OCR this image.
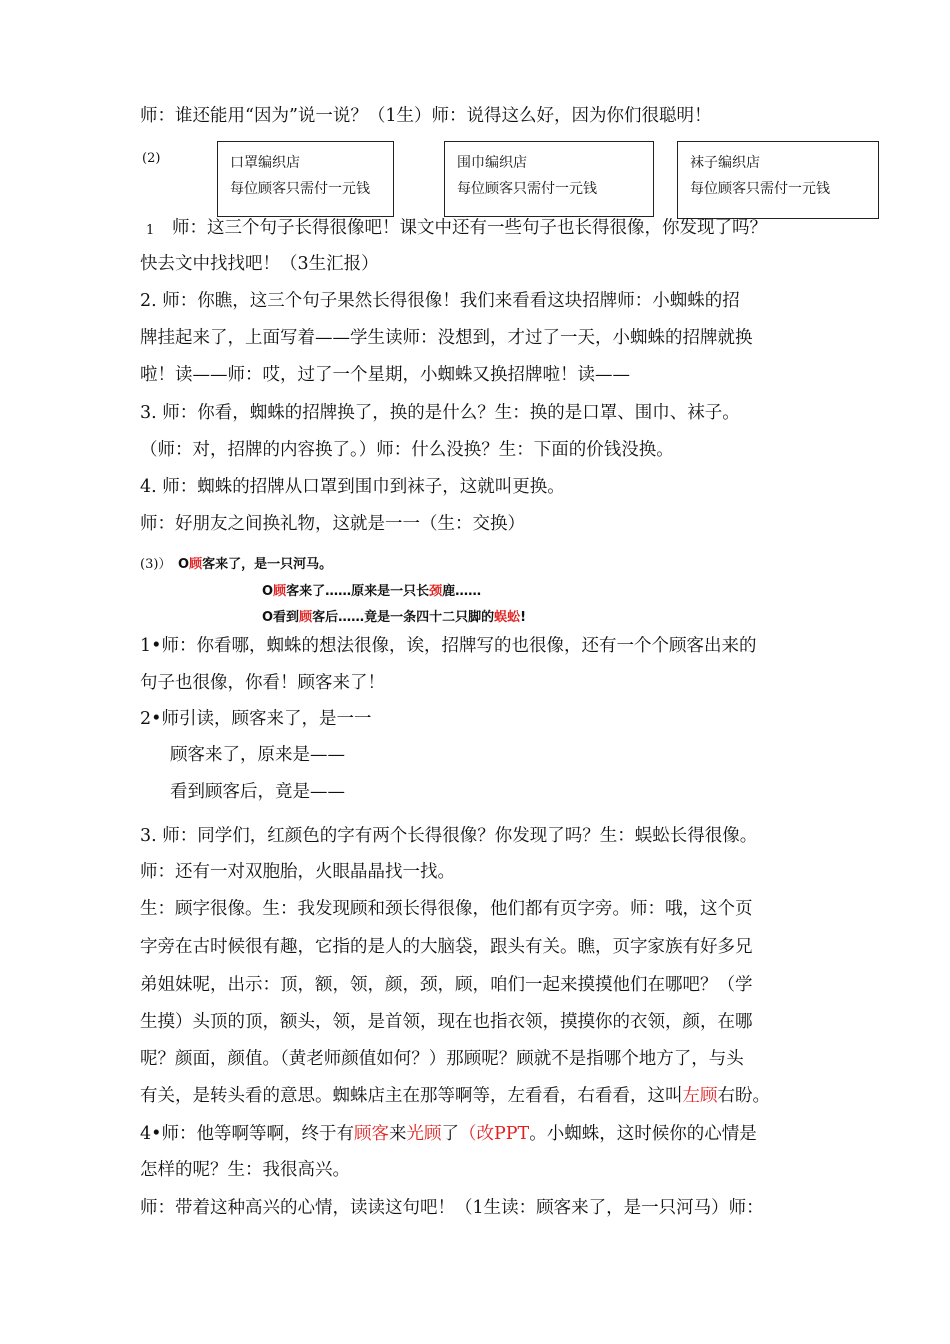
师：谁还能用“因为”说一说？（1生）师：说得这么好，因为你们很聪明！
(2)	口罩编织店
每位顾客只需付一元钱
围巾编织店
每位顾客只需付一元钱
袜子编织店
每位顾客只需付一元钱
1 师：这三个句子长得很像吧！课文中还有一些句子也长得很像，你发现了吗？
快去文中找找吧！（3生汇报）
2. 师：你瞧，这三个句子果然长得很像！我们来看看这块招牌师：小蜘蛛的招
牌挂起来了，上面写着——学生读师：没想到，才过了一天，小蜘蛛的招牌就换
啦！读——师：哎，过了一个星期，小蜘蛛又换招牌啦！读——
3. 师：你看，蜘蛛的招牌换了，换的是什么？生：换的是口罩、围巾、袜子。
（师：对，招牌的内容换了。）师：什么没换？生：下面的价钱没换。
4. 师：蜘蛛的招牌从口罩到围巾到袜子，这就叫更换。
师：好朋友之间换礼物，这就是一一（生：交换）
(3)） O顾客来了，是一只河马。
O顾客来了……原来是一只长颈鹿……
O看到顾客后……竟是一条四十二只脚的蜈蚣!
1•师：你看哪，蜘蛛的想法很像，诶，招牌写的也很像，还有一个个顾客出来的
句子也很像，你看！顾客来了！
2•师引读，顾客来了，是一一
顾客来了，原来是——
看到顾客后，竟是——
3. 师：同学们，红颜色的字有两个长得很像？你发现了吗？生：蜈蚣长得很像。
师：还有一对双胞胎，火眼晶晶找一找。
生：顾字很像。生：我发现顾和颈长得很像，他们都有页字旁。师：哦，这个页
字旁在古时候很有趣，它指的是人的大脑袋，跟头有关。瞧，页字家族有好多兄
弟姐妹呢，出示：顶，额，领，颜，颈，顾，咱们一起来摸摸他们在哪吧？（学
生摸）头顶的顶，额头，领，是首领，现在也指衣领，摸摸你的衣领，颜，在哪
呢？颜面，颜值。（黄老师颜值如何？）那顾呢？顾就不是指哪个地方了，与头
有关，是转头看的意思。蜘蛛店主在那等啊等，左看看，右看看，这叫左顾右盼。
4•师：他等啊等啊，终于有顾客来光顾了（改PPT。小蜘蛛，这时候你的心情是
怎样的呢？生：我很高兴。
师：带着这种高兴的心情，读读这句吧！（1生读：顾客来了，是一只河马）师：
